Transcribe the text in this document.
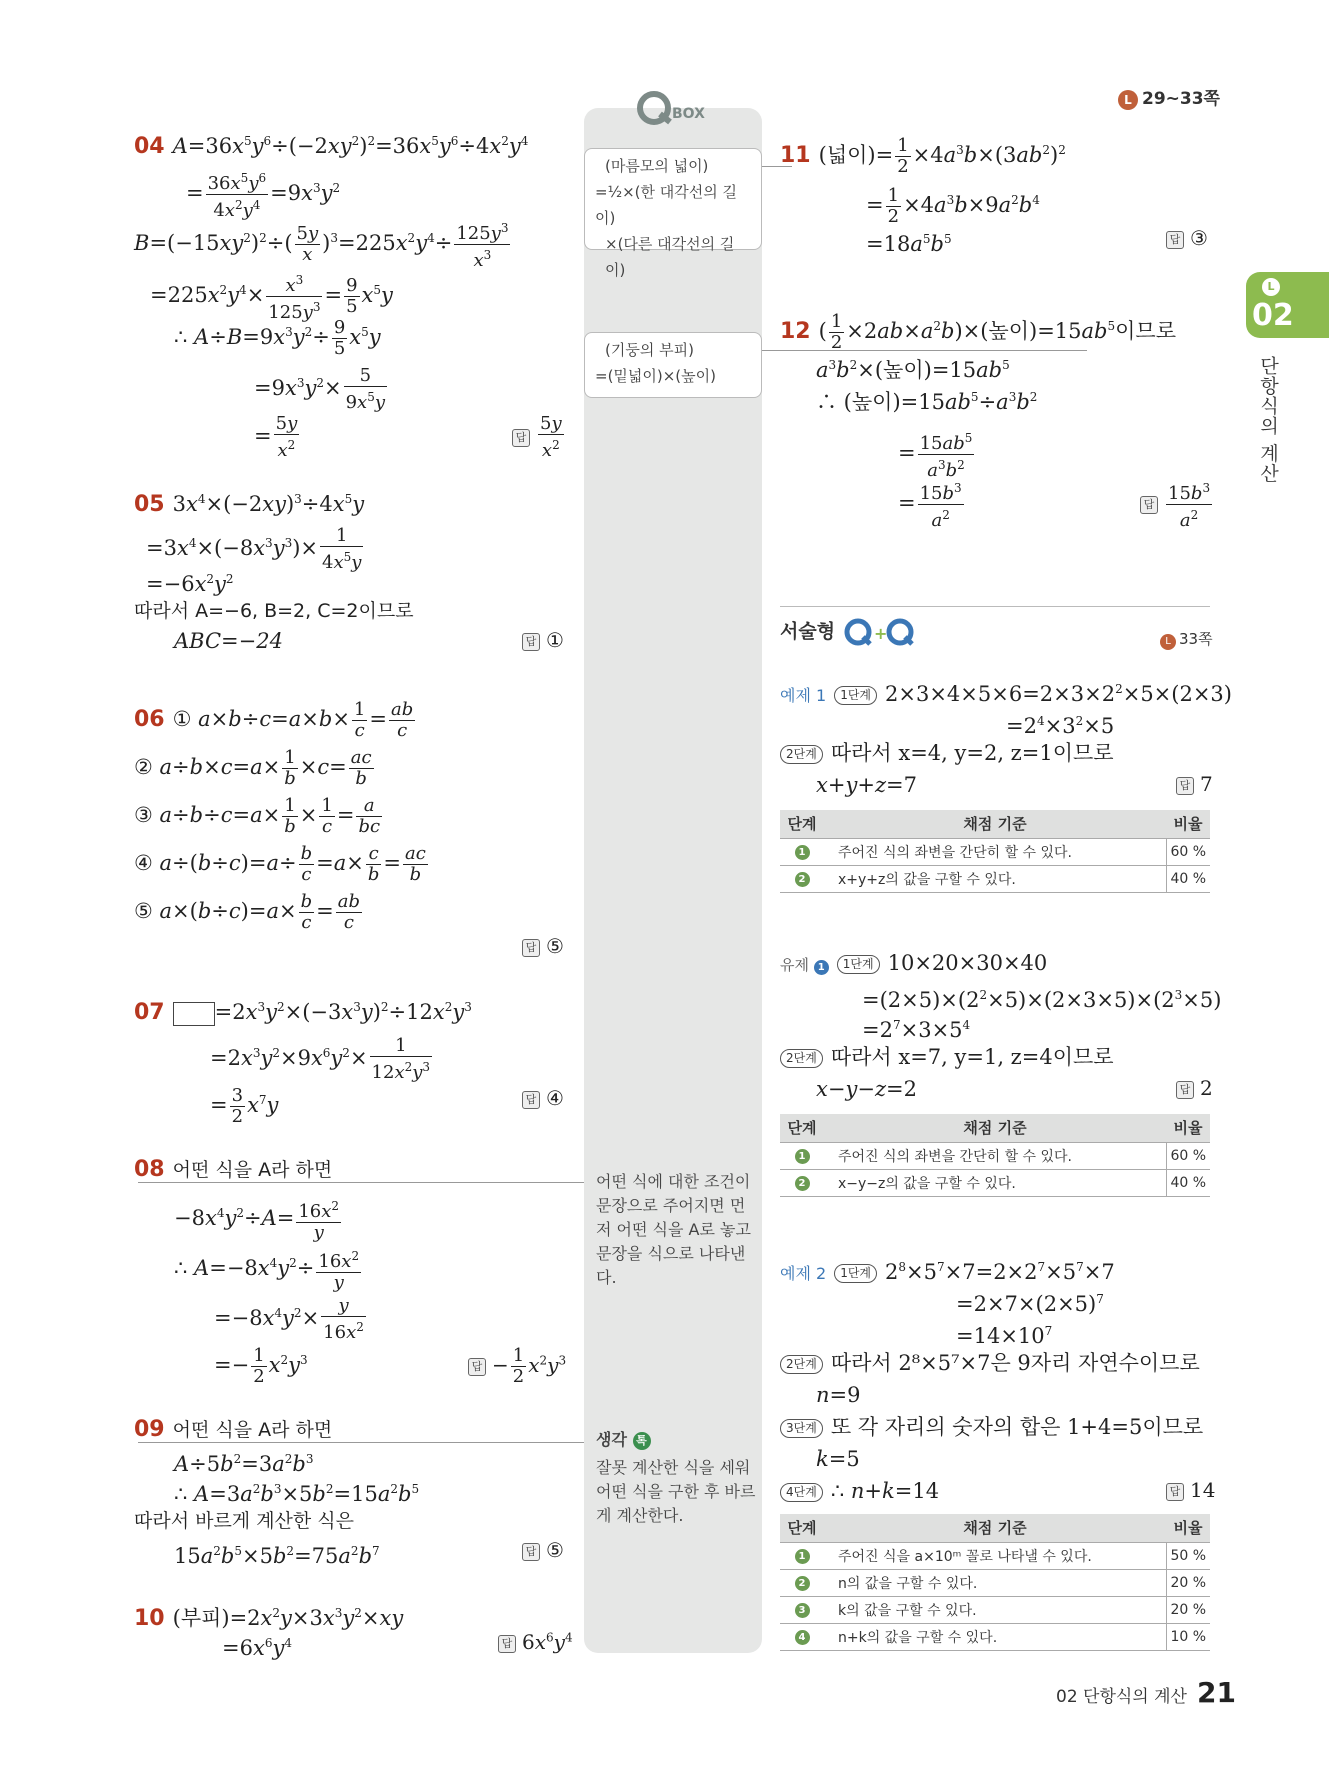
L 29~33쪽
L
02
단항식의 계산
BOX
(마름모의 넓이)
=½×(한 대각선의 길이)
×(다른 대각선의 길이)
(기둥의 부피)
=(밑넓이)×(높이)
어떤 식에 대한 조건이 문장으로 주어지면 먼저 어떤 식을 A로 놓고 문장을 식으로 나타낸다.
생각 톡
잘못 계산한 식을 세워 어떤 식을 구한 후 바르게 계산한다.
04 $A=36x^5y^6\div(-2xy^2)^2=36x^5y^6\div 4x^2y^4$
= $\frac{36x^5y^6}{4x^2y^4} =9x^3y^2$
$B=(-15xy^2)^2\div( \frac{5y}{x} )^3=225x^2y^4\div \frac{125y^3}{x^3}$
$=225x^2y^4\times \frac{x^3}{125y^3} = \frac{9}{5} x^5y$
∴ $A\div B=9x^3y^2\div \frac{9}{5} x^5y$
$=9x^3y^2\times \frac{5}{9x^5y}$
= $\frac{5y}{x^2}$	답 $\frac{5y}{x^2}$
05 $3x^4\times(-2xy)^3\div 4x^5y$
$=3x^4\times(-8x^3y^3)\times \frac{1}{4x^5y}$
$=-6x^2y^2$
따라서 A=−6, B=2, C=2이므로
ABC=−24	답 ①
06 ① $a\times b\div c=a\times b\times \frac{1}{c} = \frac{ab}{c}$
② $a\div b\times c=a\times \frac{1}{b} \times c= \frac{ac}{b}$
③ $a\div b\div c=a\times \frac{1}{b} \times \frac{1}{c} = \frac{a}{bc}$
④ $a\div(b\div c)=a\div \frac{b}{c} =a\times \frac{c}{b} = \frac{ac}{b}$
⑤ $a\times(b\div c)=a\times \frac{b}{c} = \frac{ab}{c}$
답 ⑤
$07 =2x^3y^2\times(-3x^3y)^2\div 12x^2y^3$
$=2x^3y^2\times 9x^6y^2\times \frac{1}{12x^2y^3}$
= $\frac{3}{2} x^7y$	답 ④
08 어떤 식을 A라 하면
$-8x^4y^2\div A= \frac{16x^2}{y}$
∴ $A=-8x^4y^2\div \frac{16x^2}{y}$
$=-8x^4y^2\times \frac{y}{16x^2}$
=− $\frac{1}{2} x^2y^3$	답 − $\frac{1}{2} x^2y^3$
09 어떤 식을 A라 하면
$A\div 5b^2=3a^2b^3$
∴ $A=3a^2b^3\times 5b^2=15a^2b^5$
따라서 바르게 계산한 식은
$15a^2b^5\times 5b^2=75a^2b^7$	답 ⑤
10 (부피)$=2x^2y\times 3x^3y^2\times xy$
$=6x^6y^4$	답 $6x^6y^4$
11 (넓이)= $\frac{1}{2} \times 4a^3b\times(3ab^2)^2$
= $\frac{1}{2} \times 4a^3b\times 9a^2b^4$
$=18a^5b^5$	답 ③
12 ( $\frac{1}{2} \times 2ab\times a^2b)\times$(높이)$=15ab^5$이므로
$a^3b^2\times$(높이)$=15ab^5$
∴ (높이)$=15ab^5\div a^3b^2$
= $\frac{15ab^5}{a^3b^2}$
= $\frac{15b^3}{a^2}$	답 $\frac{15b^3}{a^2}$
서술형 +	L 33쪽
예제 1 1단계 $2\times 3\times 4\times 5\times 6=2\times 3\times 2^2\times 5\times(2\times 3)$
$=2^4\times 3^2\times 5$
2단계 따라서 x=4, y=2, z=1이므로
x+y+z=7	답 7
단계	채점 기준	비율
1	주어진 식의 좌변을 간단히 할 수 있다.	60 %
2	x+y+z의 값을 구할 수 있다.	40 %
유제 1 1단계 10×20×30×40
$=(2\times 5)\times(2^2\times 5)\times(2\times 3\times 5)\times(2^3\times 5)$
$=2^7\times 3\times 5^4$
2단계 따라서 x=7, y=1, z=4이므로
x−y−z=2	답 2
단계	채점 기준	비율
1	주어진 식의 좌변을 간단히 할 수 있다.	60 %
2	x−y−z의 값을 구할 수 있다.	40 %
예제 2 1단계 $2^8\times 5^7\times 7=2\times 2^7\times 5^7\times 7$
$=2\times 7\times(2\times 5)^7$
$=14\times 10^7$
2단계 따라서 2⁸×5⁷×7은 9자리 자연수이므로
n=9
3단계 또 각 자리의 숫자의 합은 1+4=5이므로
k=5
4단계 ∴ n+k=14	답 14
단계	채점 기준	비율
1	주어진 식을 a×10ᵐ 꼴로 나타낼 수 있다.	50 %
2	n의 값을 구할 수 있다.	20 %
3	k의 값을 구할 수 있다.	20 %
4	n+k의 값을 구할 수 있다.	10 %
02 단항식의 계산 21
